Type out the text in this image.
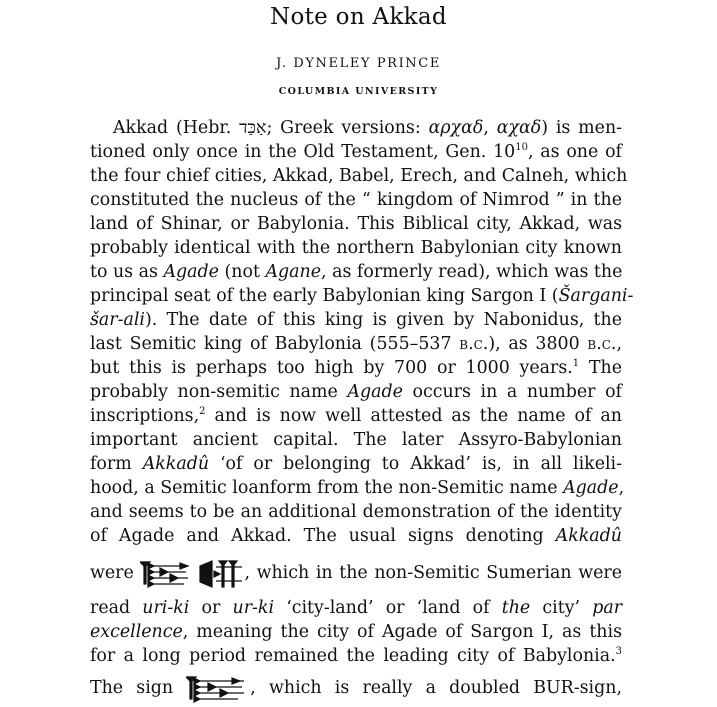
Note on Akkad
J. DYNELEY PRINCE
COLUMBIA UNIVERSITY
Akkad (Hebr. אַכַּד; Greek versions: αρχαδ, αχαδ) is men-
tioned only once in the Old Testament, Gen. $10^{10}$, as one of
the four chief cities, Akkad, Babel, Erech, and Calneh, which
constituted the nucleus of the “ kingdom of Nimrod ” in the
land of Shinar, or Babylonia. This Biblical city, Akkad, was
probably identical with the northern Babylonian city known
to us as Agade (not Agane, as formerly read), which was the
principal seat of the early Babylonian king Sargon I (Šargani-
šar-ali). The date of this king is given by Nabonidus, the
last Semitic king of Babylonia (555–537 b.c.), as 3800 b.c.,
but this is perhaps too high by 700 or 1000 years.$^1$ The
probably non-semitic name Agade occurs in a number of
inscriptions,$^2$ and is now well attested as the name of an
important ancient capital. The later Assyro-Babylonian
form Akkadû ‘of or belonging to Akkad’ is, in all likeli-
hood, a Semitic loanform from the non-Semitic name Agade,
and seems to be an additional demonstration of the identity
of Agade and Akkad. The usual signs denoting Akkadû
were	, which in the non-Semitic Sumerian were
read uri-ki or ur-ki ‘city-land’ or ‘land of the city’ par
excellence, meaning the city of Agade of Sargon I, as this
for a long period remained the leading city of Babylonia.$^3$
The sign	, which is really a doubled BUR-sign,
